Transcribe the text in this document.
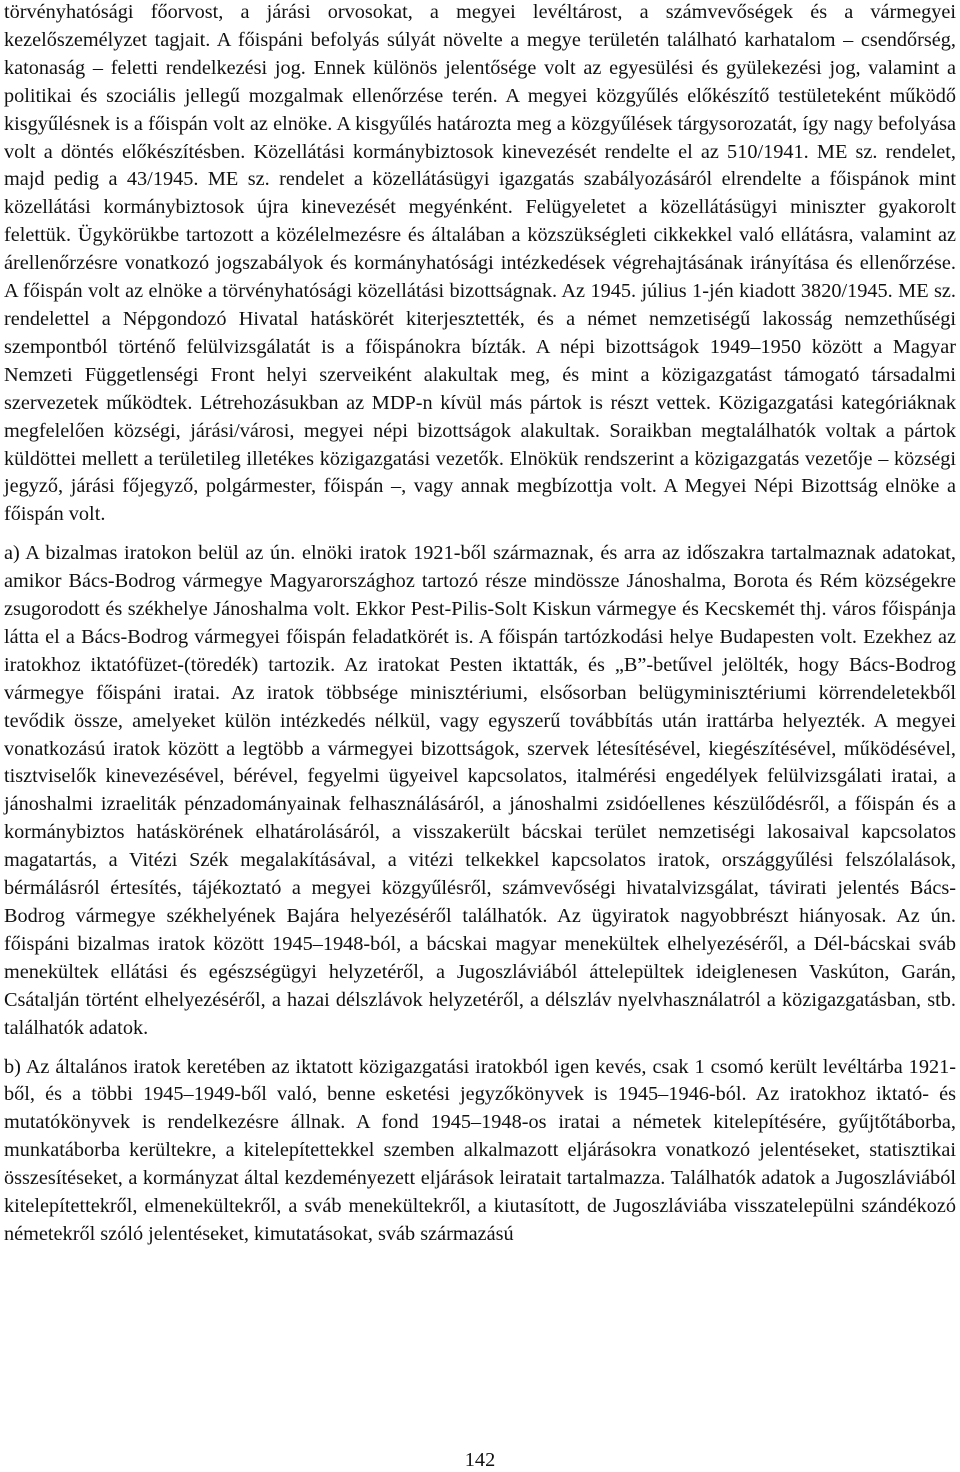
törvényhatósági főorvost, a járási orvosokat, a megyei levéltárost, a számvevőségek és a vármegyei kezelőszemélyzet tagjait. A főispáni befolyás súlyát növelte a megye területén található karhatalom – csendőrség, katonaság – feletti rendelkezési jog. Ennek különös jelentősége volt az egyesülési és gyülekezési jog, valamint a politikai és szociális jellegű mozgalmak ellenőrzése terén. A megyei közgyűlés előkészítő testületeként működő kisgyűlésnek is a főispán volt az elnöke. A kisgyűlés határozta meg a közgyűlések tárgysorozatát, így nagy befolyása volt a döntés előkészítésben. Közellátási kormánybiztosok kinevezését rendelte el az 510/1941. ME sz. rendelet, majd pedig a 43/1945. ME sz. rendelet a közellátásügyi igazgatás szabályozásáról elrendelte a főispánok mint közellátási kormánybiztosok újra kinevezését megyénként. Felügyeletet a közellátásügyi miniszter gyakorolt felettük. Ügykörükbe tartozott a közélelmezésre és általában a közszükségleti cikkekkel való ellátásra, valamint az árellenőrzésre vonatkozó jogszabályok és kormányhatósági intézkedések végrehajtásának irányítása és ellenőrzése. A főispán volt az elnöke a törvényhatósági közellátási bizottságnak. Az 1945. július 1-jén kiadott 3820/1945. ME sz. rendelettel a Népgondozó Hivatal hatáskörét kiterjesztették, és a német nemzetiségű lakosság nemzethűségi szempontból történő felülvizsgálatát is a főispánokra bízták. A népi bizottságok 1949–1950 között a Magyar Nemzeti Függetlenségi Front helyi szerveiként alakultak meg, és mint a közigazgatást támogató társadalmi szervezetek működtek. Létrehozásukban az MDP-n kívül más pártok is részt vettek. Közigazgatási kategóriáknak megfelelően községi, járási/városi, megyei népi bizottságok alakultak. Soraikban megtalálhatók voltak a pártok küldöttei mellett a területileg illetékes közigazgatási vezetők. Elnökük rendszerint a közigazgatás vezetője – községi jegyző, járási főjegyző, polgármester, főispán –, vagy annak megbízottja volt. A Megyei Népi Bizottság elnöke a főispán volt.

a) A bizalmas iratokon belül az ún. elnöki iratok 1921-ből származnak, és arra az időszakra tartalmaznak adatokat, amikor Bács-Bodrog vármegye Magyarországhoz tartozó része mindössze Jánoshalma, Borota és Rém községekre zsugorodott és székhelye Jánoshalma volt. Ekkor Pest-Pilis-Solt Kiskun vármegye és Kecskemét thj. város főispánja látta el a Bács-Bodrog vármegyei főispán feladatkörét is. A főispán tartózkodási helye Budapesten volt. Ezekhez az iratokhoz iktatófüzet-(töredék) tartozik. Az iratokat Pesten iktatták, és „B”-betűvel jelölték, hogy Bács-Bodrog vármegye főispáni iratai. Az iratok többsége minisztériumi, elsősorban belügyminisztériumi körrendeletekből tevődik össze, amelyeket külön intézkedés nélkül, vagy egyszerű továbbítás után irattárba helyezték. A megyei vonatkozású iratok között a legtöbb a vármegyei bizottságok, szervek létesítésével, kiegészítésével, működésével, tisztviselők kinevezésével, bérével, fegyelmi ügyeivel kapcsolatos, italmérési engedélyek felülvizsgálati iratai, a jánoshalmi izraeliták pénzadományainak felhasználásáról, a jánoshalmi zsidóellenes készülődésről, a főispán és a kormánybiztos hatáskörének elhatárolásáról, a visszakerült bácskai terület nemzetiségi lakosaival kapcsolatos magatartás, a Vitézi Szék megalakításával, a vitézi telkekkel kapcsolatos iratok, országgyűlési felszólalások, bérmálásról értesítés, tájékoztató a megyei közgyűlésről, számvevőségi hivatalvizsgálat, távirati jelentés Bács-Bodrog vármegye székhelyének Bajára helyezéséről találhatók. Az ügyiratok nagyobbrészt hiányosak. Az ún. főispáni bizalmas iratok között 1945–1948-ból, a bácskai magyar menekültek elhelyezéséről, a Dél-bácskai sváb menekültek ellátási és egészségügyi helyzetéről, a Jugoszláviából áttelepültek ideiglenesen Vaskúton, Garán, Csátalján történt elhelyezéséről, a hazai délszlávok helyzetéről, a délszláv nyelvhasználatról a közigazgatásban, stb. találhatók adatok.

b) Az általános iratok keretében az iktatott közigazgatási iratokból igen kevés, csak 1 csomó került levéltárba 1921-ből, és a többi 1945–1949-ből való, benne esketési jegyzőkönyvek is 1945–1946-ból. Az iratokhoz iktató- és mutatókönyvek is rendelkezésre állnak. A fond 1945–1948-os iratai a németek kitelepítésére, gyűjtőtáborba, munkatáborba kerültekre, a kitelepítettekkel szemben alkalmazott eljárásokra vonatkozó jelentéseket, statisztikai összesítéseket, a kormányzat által kezdeményezett eljárások leiratait tartalmazza. Találhatók adatok a Jugoszláviából kitelepítettekről, elmenekültekről, a sváb menekültekről, a kiutasított, de Jugoszláviába visszatelepülni szándékozó németekről szóló jelentéseket, kimutatásokat, sváb származású

142
